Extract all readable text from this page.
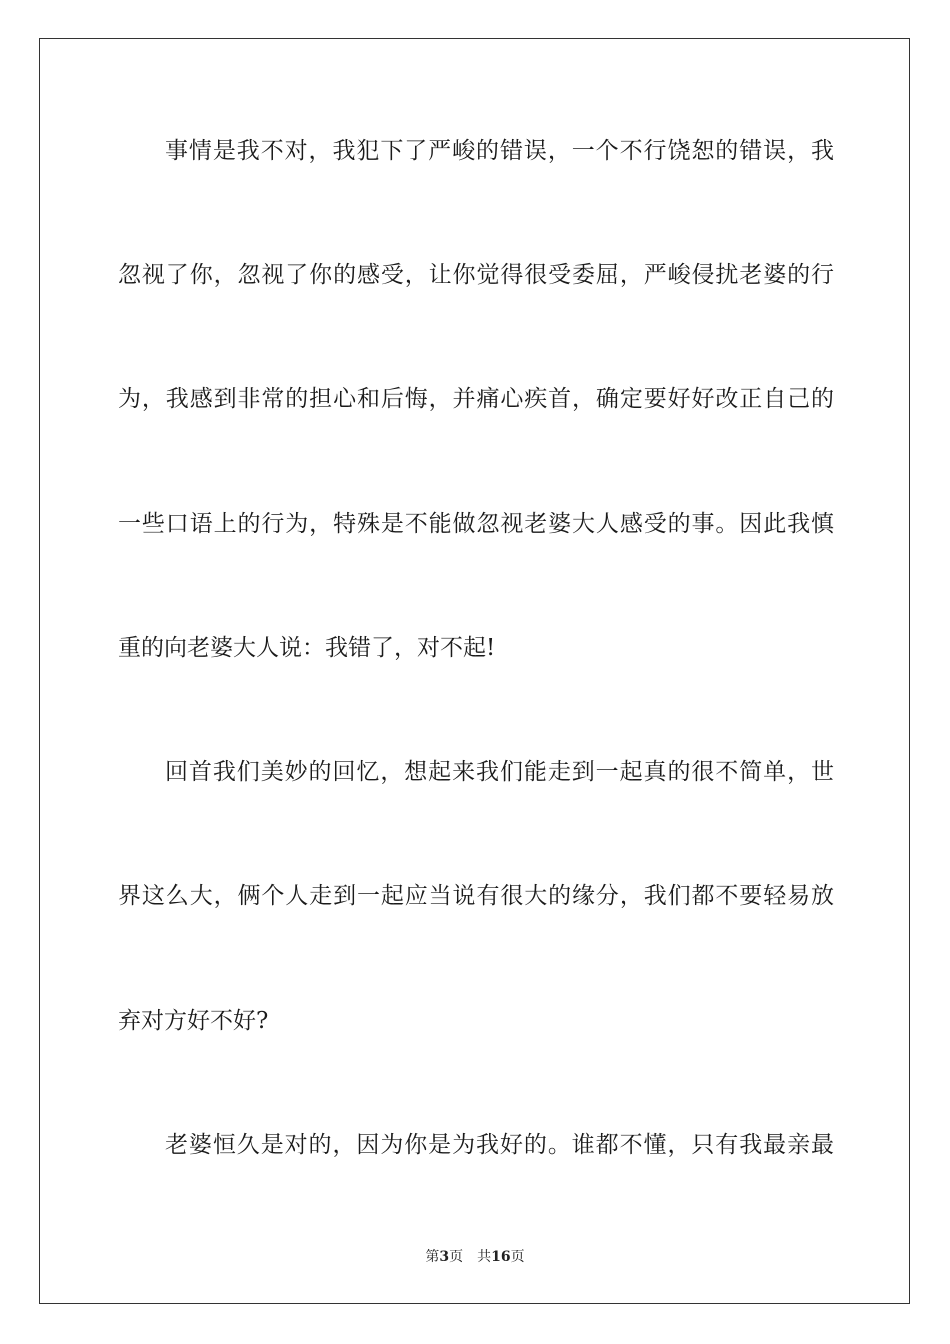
事情是我不对，我犯下了严峻的错误，一个不行饶恕的错误，我
忽视了你，忽视了你的感受，让你觉得很受委屈，严峻侵扰老婆的行
为，我感到非常的担心和后悔，并痛心疾首，确定要好好改正自己的
一些口语上的行为，特殊是不能做忽视老婆大人感受的事。因此我慎
重的向老婆大人说：我错了，对不起!
回首我们美妙的回忆，想起来我们能走到一起真的很不简单，世
界这么大，俩个人走到一起应当说有很大的缘分，我们都不要轻易放
弃对方好不好?
老婆恒久是对的，因为你是为我好的。谁都不懂，只有我最亲最
第3页 共16页
